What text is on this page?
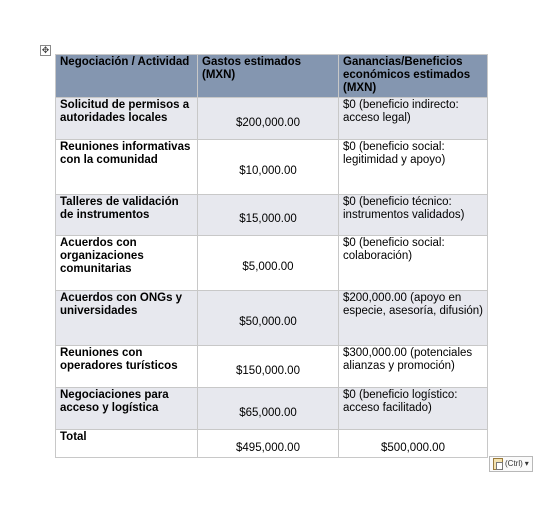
✥
Negociación / Actividad	Gastos estimados (MXN)	Ganancias/Beneficios económicos estimados (MXN)
Solicitud de permisos a autoridades locales	$200,000.00	$0 (beneficio indirecto: acceso legal)
Reuniones informativas con la comunidad	$10,000.00	$0 (beneficio social: legitimidad y apoyo)
Talleres de validación de instrumentos	$15,000.00	$0 (beneficio técnico: instrumentos validados)
Acuerdos con organizaciones comunitarias	$5,000.00	$0 (beneficio social: colaboración)
Acuerdos con ONGs y universidades	$50,000.00	$200,000.00 (apoyo en especie, asesoría, difusión)
Reuniones con operadores turísticos	$150,000.00	$300,000.00 (potenciales alianzas y promoción)
Negociaciones para acceso y logística	$65,000.00	$0 (beneficio logístico: acceso facilitado)
Total	$495,000.00	$500,000.00
(Ctrl) ▾
